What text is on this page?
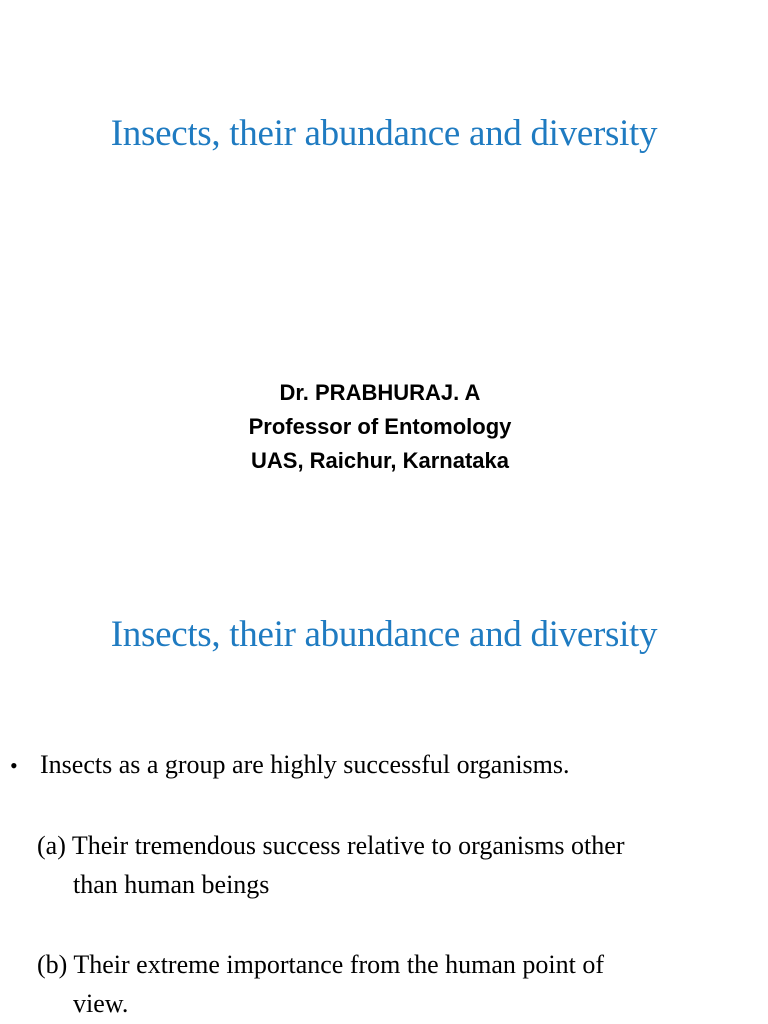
Insects, their abundance and diversity
Dr. PRABHURAJ. A
Professor of Entomology
UAS, Raichur, Karnataka
Insects, their abundance and diversity
• Insects as a group are highly successful organisms.
(a) Their tremendous success relative to organisms other
than human beings
(b) Their extreme importance from the human point of
view.
